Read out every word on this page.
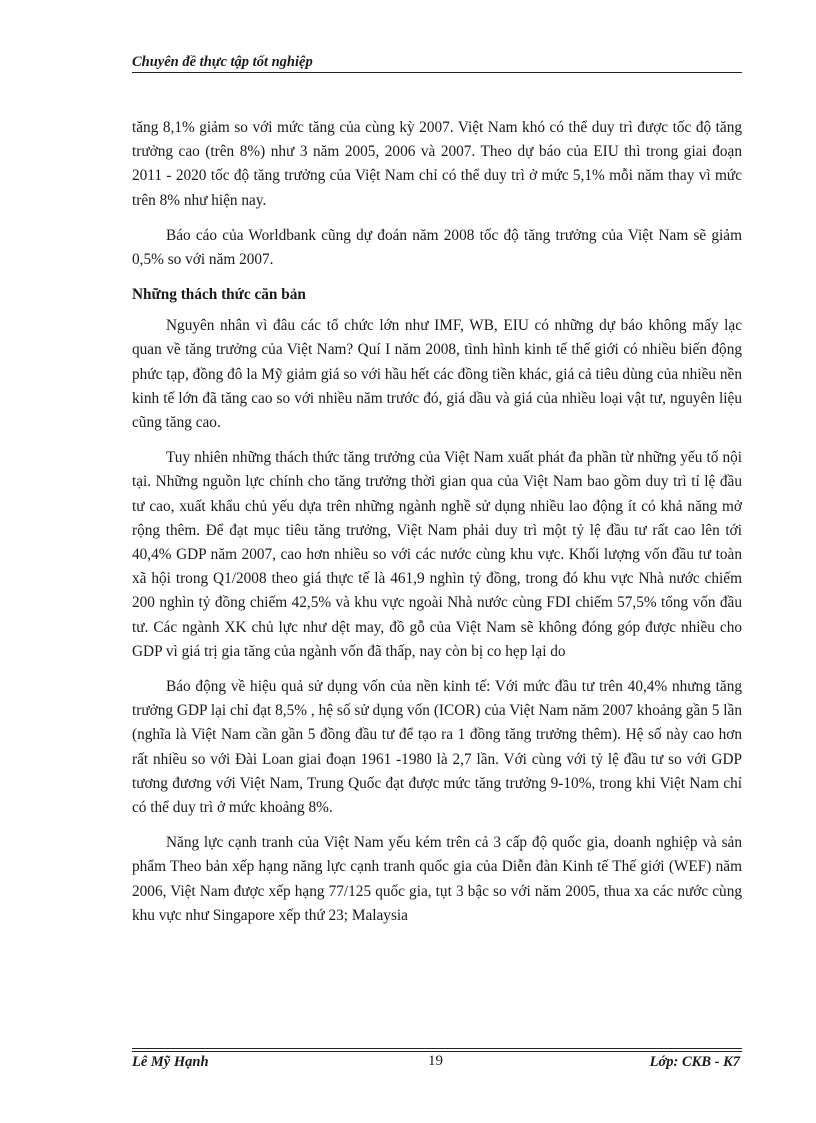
Chuyên đề thực tập tốt nghiệp

tăng 8,1% giảm so với mức tăng của cùng kỳ 2007. Việt Nam khó có thể duy trì được tốc độ tăng trưởng cao (trên 8%) như 3 năm 2005, 2006 và 2007. Theo dự báo của EIU thì trong giai đoạn 2011 - 2020 tốc độ tăng trưởng của Việt Nam chỉ có thể duy trì ở mức 5,1% mỗi năm thay vì mức trên 8% như hiện nay.

Báo cáo của Worldbank cũng dự đoán năm 2008 tốc độ tăng trưởng của Việt Nam sẽ giảm 0,5% so với năm 2007.

Những thách thức căn bản

Nguyên nhân vì đâu các tổ chức lớn như IMF, WB, EIU có những dự báo không mấy lạc quan về tăng trưởng của Việt Nam? Quí I năm 2008, tình hình kinh tế thế giới có nhiều biến động phức tạp, đồng đô la Mỹ giảm giá so với hầu hết các đồng tiền khác, giá cả tiêu dùng của nhiều nền kinh tế lớn đã tăng cao so với nhiều năm trước đó, giá dầu và giá của nhiều loại vật tư, nguyên liệu cũng tăng cao.

Tuy nhiên những thách thức tăng trưởng của Việt Nam xuất phát đa phần từ những yếu tố nội tại. Những nguồn lực chính cho tăng trưởng thời gian qua của Việt Nam bao gồm duy trì tỉ lệ đầu tư cao, xuất khẩu chủ yếu dựa trên những ngành nghề sử dụng nhiều lao động ít có khả năng mở rộng thêm. Để đạt mục tiêu tăng trưởng, Việt Nam phải duy trì một tỷ lệ đầu tư rất cao lên tới 40,4% GDP năm 2007, cao hơn nhiều so với các nước cùng khu vực. Khối lượng vốn đầu tư toàn xã hội trong Q1/2008 theo giá thực tế là 461,9 nghìn tỷ đồng, trong đó khu vực Nhà nước chiếm 200 nghìn tỷ đồng chiếm 42,5% và khu vực ngoài Nhà nước cùng FDI chiếm 57,5% tổng vốn đầu tư. Các ngành XK chủ lực như dệt may, đồ gỗ của Việt Nam sẽ không đóng góp được nhiều cho GDP vì giá trị gia tăng của ngành vốn đã thấp, nay còn bị co hẹp lại do

Báo động về hiệu quả sử dụng vốn của nền kinh tế: Với mức đầu tư trên 40,4% nhưng tăng trưởng GDP lại chỉ đạt 8,5% , hệ số sử dụng vốn (ICOR) của Việt Nam năm 2007 khoảng gần 5 lần (nghĩa là Việt Nam cần gần 5 đồng đầu tư để tạo ra 1 đồng tăng trưởng thêm). Hệ số này cao hơn rất nhiều so với Đài Loan giai đoạn 1961 -1980 là 2,7 lần. Với cùng với tỷ lệ đầu tư so với GDP tương đương với Việt Nam, Trung Quốc đạt được mức tăng trưởng 9-10%, trong khi Việt Nam chỉ có thể duy trì ở mức khoảng 8%.

Năng lực cạnh tranh của Việt Nam yếu kém trên cả 3 cấp độ quốc gia, doanh nghiệp và sản phẩm Theo bản xếp hạng năng lực cạnh tranh quốc gia của Diễn đàn Kinh tế Thế giới (WEF) năm 2006, Việt Nam được xếp hạng 77/125 quốc gia, tụt 3 bậc so với năm 2005, thua xa các nước cùng khu vực như Singapore xếp thứ 23; Malaysia

Lê Mỹ Hạnh	19	Lớp: CKB - K7
